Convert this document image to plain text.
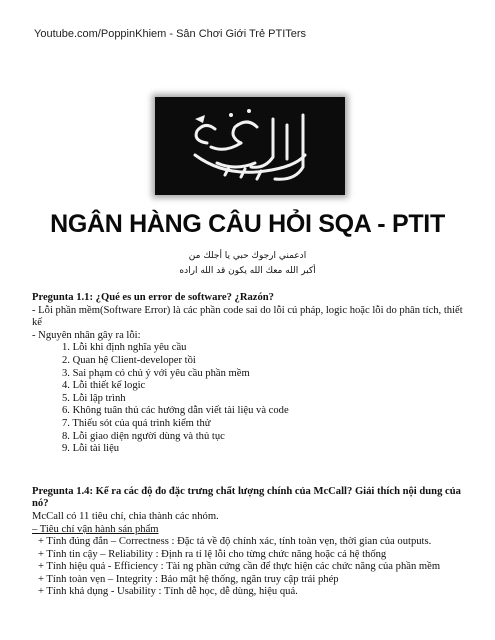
Youtube.com/PoppinKhiem - Sân Chơi Giới Trẻ PTITers
NGÂN HÀNG CÂU HỎI SQA - PTIT
ادعمني ارجوك حبي يا أجلك من
أكبر الله معك الله يكون قد الله اراده
Pregunta 1.1: ¿Qué es un error de software? ¿Razón?
- Lỗi phần mềm(Software Error) là các phần code sai do lỗi cú pháp, logic hoặc lỗi do phân tích, thiết kế
- Nguyên nhân gây ra lỗi:
1. Lỗi khi định nghĩa yêu cầu
2. Quan hệ Client-developer tồi
3. Sai phạm có chủ ý với yêu cầu phần mềm
4. Lỗi thiết kế logic
5. Lỗi lập trình
6. Không tuân thủ các hướng dẫn viết tài liệu và code
7. Thiếu sót của quá trình kiểm thử
8. Lỗi giao diện người dùng và thủ tục
9. Lỗi tài liệu
Pregunta 1.4: Kể ra các độ đo đặc trưng chất lượng chính của McCall? Giải thích nội dung của nó?
McCall có 11 tiêu chí, chia thành các nhóm.
– Tiêu chí vận hành sản phẩm
+ Tính đúng đắn – Correctness : Đặc tả về độ chính xác, tính toàn vẹn, thời gian của outputs.
+ Tính tin cậy – Reliability : Định ra tỉ lệ lỗi cho từng chức năng hoặc cả hệ thống
+ Tính hiệu quả - Efficiency : Tài ng phần cứng cần để thực hiện các chức năng của phần mềm
+ Tính toàn vẹn – Integrity : Bảo mật hệ thống, ngăn truy cập trái phép
+ Tính khả dụng - Usability : Tính dễ học, dễ dùng, hiệu quả.
